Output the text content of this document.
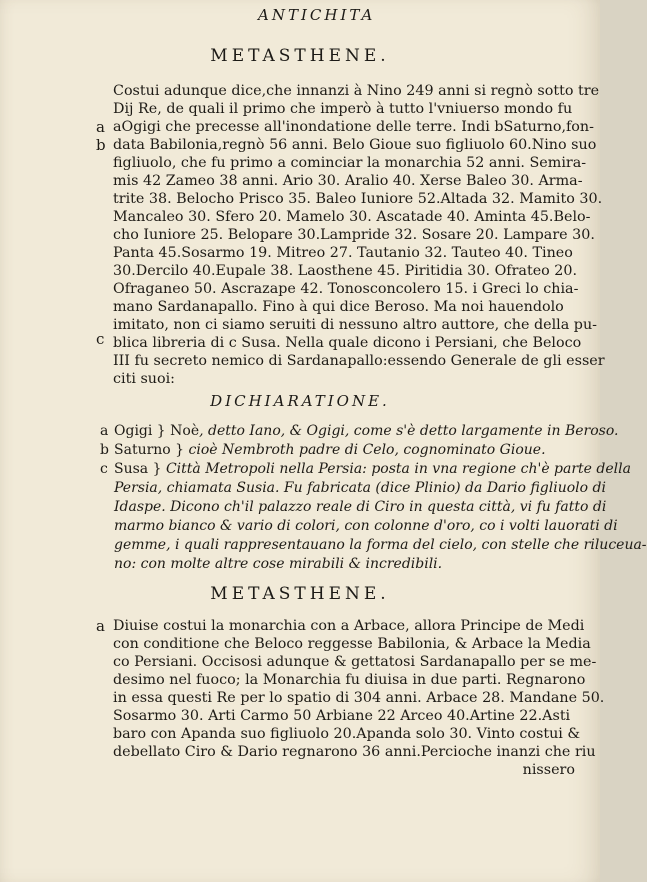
ANTICHITA
METASTHENE.
Costui adunque dice,che innanzi à Nino 249 anni si regnò sotto tre
Dij Re, de quali il primo che imperò à tutto l'vniuerso mondo fu
aOgigi che precesse all'inondatione delle terre. Indi bSaturno,fon-
data Babilonia,regnò 56 anni. Belo Gioue suo figliuolo 60.Nino suo
figliuolo, che fu primo a cominciar la monarchia 52 anni. Semira-
mis 42 Zameo 38 anni. Ario 30. Aralio 40. Xerse Baleo 30. Arma-
trite 38. Belocho Prisco 35. Baleo Iuniore 52.Altada 32. Mamito 30.
Mancaleo 30. Sfero 20. Mamelo 30. Ascatade 40. Aminta 45.Belo-
cho Iuniore 25. Belopare 30.Lampride 32. Sosare 20. Lampare 30.
Panta 45.Sosarmo 19. Mitreo 27. Tautanio 32. Tauteo 40. Tineo
30.Dercilo 40.Eupale 38. Laosthene 45. Piritidia 30. Ofrateo 20.
Ofraganeo 50. Ascrazape 42. Tonosconcolero 15. i Greci lo chia-
mano Sardanapallo. Fino à qui dice Beroso. Ma noi hauendolo
imitato, non ci siamo seruiti di nessuno altro auttore, che della pu-
blica libreria di c Susa. Nella quale dicono i Persiani, che Beloco
III fu secreto nemico di Sardanapallo:essendo Generale de gli esser
citi suoi:
a
b
c
DICHIARATIONE.
a Ogigi } Noè, detto Iano, & Ogigi, come s'è detto largamente in Beroso.
b Saturno } cioè Nembroth padre di Celo, cognominato Gioue.
c Susa } Città Metropoli nella Persia: posta in vna regione ch'è parte della
Persia, chiamata Susia. Fu fabricata (dice Plinio) da Dario figliuolo di
Idaspe. Dicono ch'il palazzo reale di Ciro in questa città, vi fu fatto di
marmo bianco & vario di colori, con colonne d'oro, co i volti lauorati di
gemme, i quali rappresentauano la forma del cielo, con stelle che riluceua-
no: con molte altre cose mirabili & incredibili.
METASTHENE.
a Diuise costui la monarchia con a Arbace, allora Principe de Medi
con conditione che Beloco reggesse Babilonia, & Arbace la Media
co Persiani. Occisosi adunque & gettatosi Sardanapallo per se me-
desimo nel fuoco; la Monarchia fu diuisa in due parti. Regnarono
in essa questi Re per lo spatio di 304 anni. Arbace 28. Mandane 50.
Sosarmo 30. Arti Carmo 50 Arbiane 22 Arceo 40.Artine 22.Asti
baro con Apanda suo figliuolo 20.Apanda solo 30. Vinto costui &
debellato Ciro & Dario regnarono 36 anni.Percioche inanzi che riu
nissero
